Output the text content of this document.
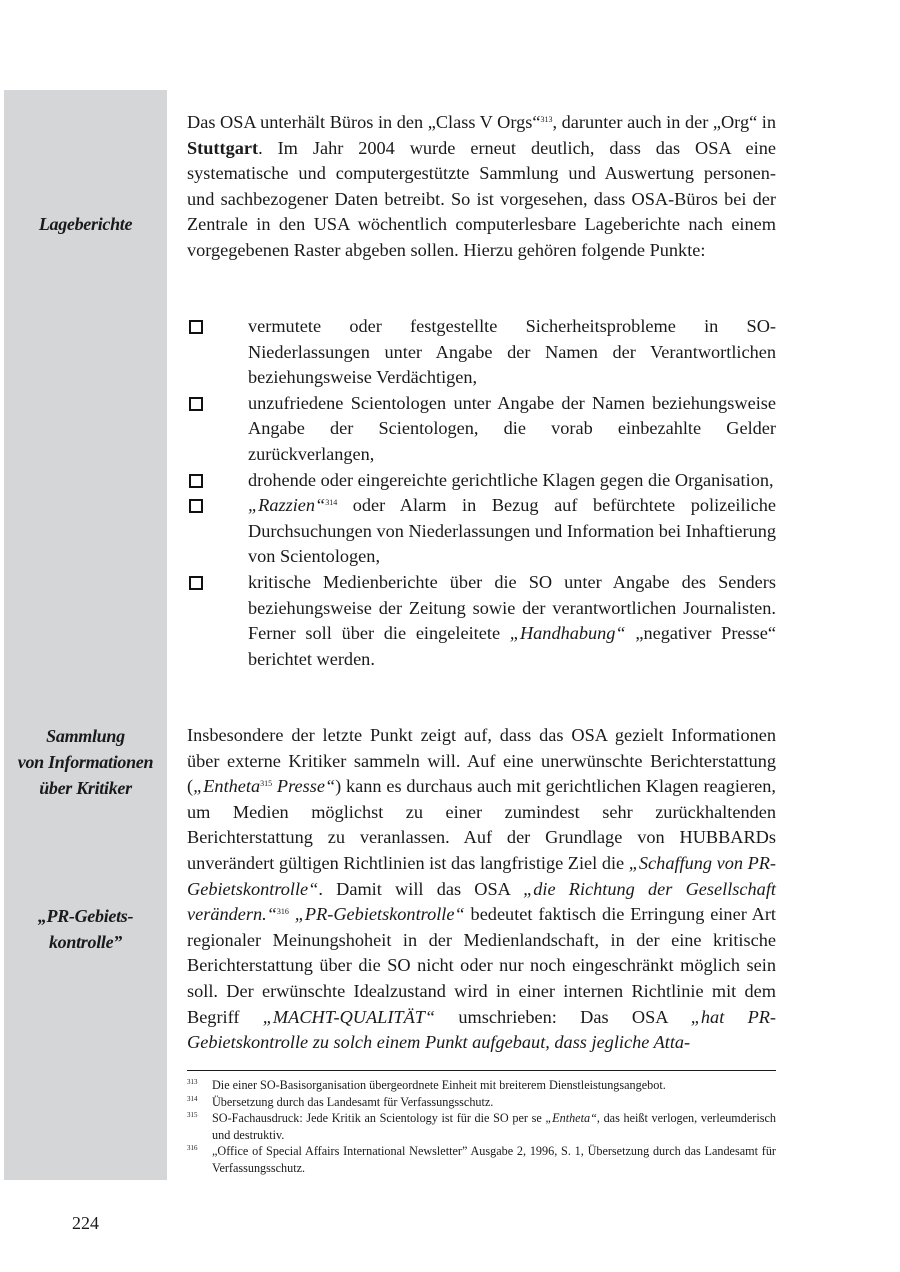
Lageberichte
Sammlung
von Informationen
über Kritiker
„PR-Gebiets-
kontrolle”

Das OSA unterhält Büros in den „Class V Orgs“$^{313}$, darunter auch in der „Org“ in Stuttgart. Im Jahr 2004 wurde erneut deutlich, dass das OSA eine systematische und computergestützte Sammlung und Auswertung personen- und sachbezogener Daten betreibt. So ist vorgesehen, dass OSA-Büros bei der Zentrale in den USA wöchentlich computerlesbare Lageberichte nach einem vorgegebenen Raster abgeben sollen. Hierzu gehören folgende Punkte:

vermutete oder festgestellte Sicherheitsprobleme in SO-Niederlassungen unter Angabe der Namen der Verantwortlichen beziehungsweise Verdächtigen,
unzufriedene Scientologen unter Angabe der Namen beziehungsweise Angabe der Scientologen, die vorab einbezahlte Gelder zurückverlangen,
drohende oder eingereichte gerichtliche Klagen gegen die Organisation,
„Razzien“$^{314}$ oder Alarm in Bezug auf befürchtete polizeiliche Durchsuchungen von Niederlassungen und Information bei Inhaftierung von Scientologen,
kritische Medienberichte über die SO unter Angabe des Senders beziehungsweise der Zeitung sowie der verantwortlichen Journalisten. Ferner soll über die eingeleitete „Handhabung“ „negativer Presse“ berichtet werden.

Insbesondere der letzte Punkt zeigt auf, dass das OSA gezielt Informationen über externe Kritiker sammeln will. Auf eine unerwünschte Berichterstattung („Entheta$^{315}$ Presse“) kann es durchaus auch mit gerichtlichen Klagen reagieren, um Medien möglichst zu einer zumindest sehr zurückhaltenden Berichterstattung zu veranlassen. Auf der Grundlage von HUBBARDs unverändert gültigen Richtlinien ist das langfristige Ziel die „Schaffung von PR-Gebietskontrolle“. Damit will das OSA „die Richtung der Gesellschaft verändern.“$^{316}$ „PR-Gebietskontrolle“ bedeutet faktisch die Erringung einer Art regionaler Meinungshoheit in der Medienlandschaft, in der eine kritische Berichterstattung über die SO nicht oder nur noch eingeschränkt möglich sein soll. Der erwünschte Idealzustand wird in einer internen Richtlinie mit dem Begriff „MACHT-QUALITÄT“ umschrieben: Das OSA „hat PR-Gebietskontrolle zu solch einem Punkt aufgebaut, dass jegliche Atta-

313 Die einer SO-Basisorganisation übergeordnete Einheit mit breiterem Dienstleistungsangebot.
314 Übersetzung durch das Landesamt für Verfassungsschutz.
315 SO-Fachausdruck: Jede Kritik an Scientology ist für die SO per se „Entheta“, das heißt verlogen, verleumderisch und destruktiv.
316 „Office of Special Affairs International Newsletter” Ausgabe 2, 1996, S. 1, Übersetzung durch das Landesamt für Verfassungsschutz.
224
